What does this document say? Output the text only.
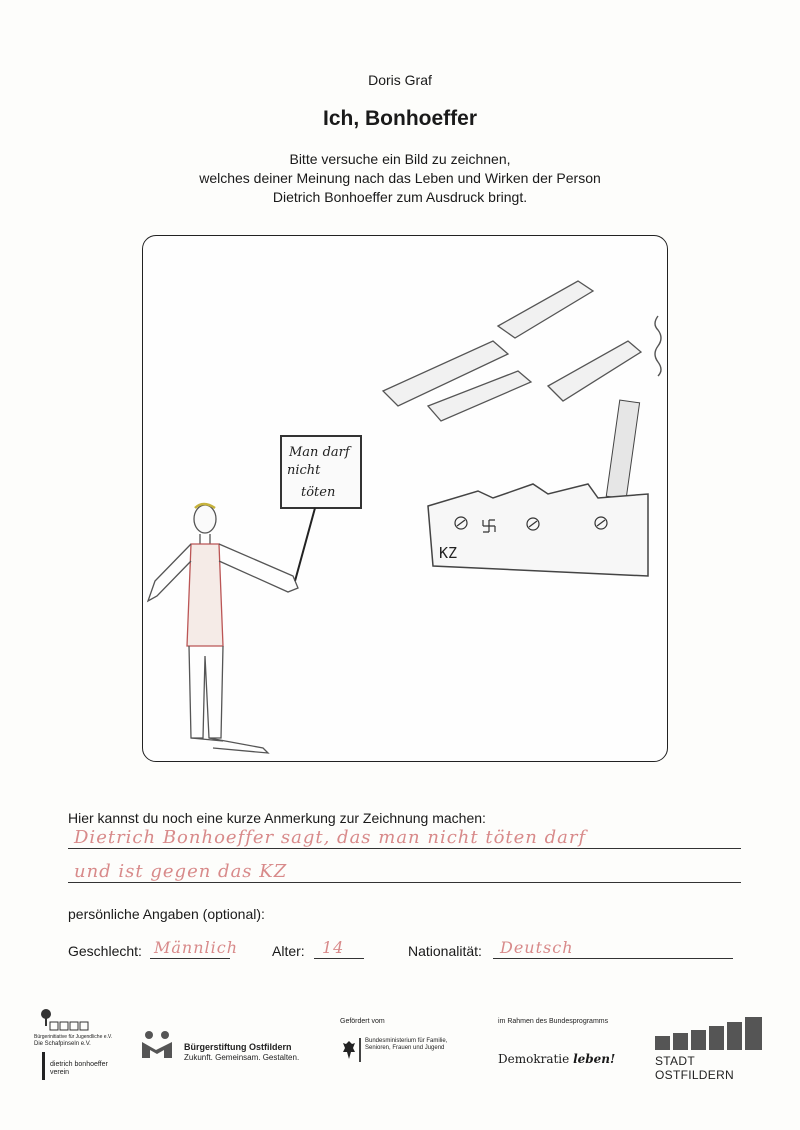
Doris Graf
Ich, Bonhoeffer
Bitte versuche ein Bild zu zeichnen,
welches deiner Meinung nach das Leben und Wirken der Person
Dietrich Bonhoeffer zum Ausdruck bringt.
KZ
Man darf
nicht
töten
Hier kannst du noch eine kurze Anmerkung zur Zeichnung machen:
Dietrich Bonhoeffer sagt, das man nicht töten darf
und ist gegen das KZ
persönliche Angaben (optional):
Geschlecht: Männlich Alter: 14	Nationalität: Deutsch
Bürgerinitiative für Jugendliche e.V.
Die Schafpinseln e.V.
dietrich bonhoeffer verein
Bürgerstiftung Ostfildern
Zukunft. Gemeinsam. Gestalten.
Gefördert vom
Bundesministerium für Familie, Senioren, Frauen und Jugend
im Rahmen des Bundesprogramms
Demokratie leben!	STADT OSTFILDERN
